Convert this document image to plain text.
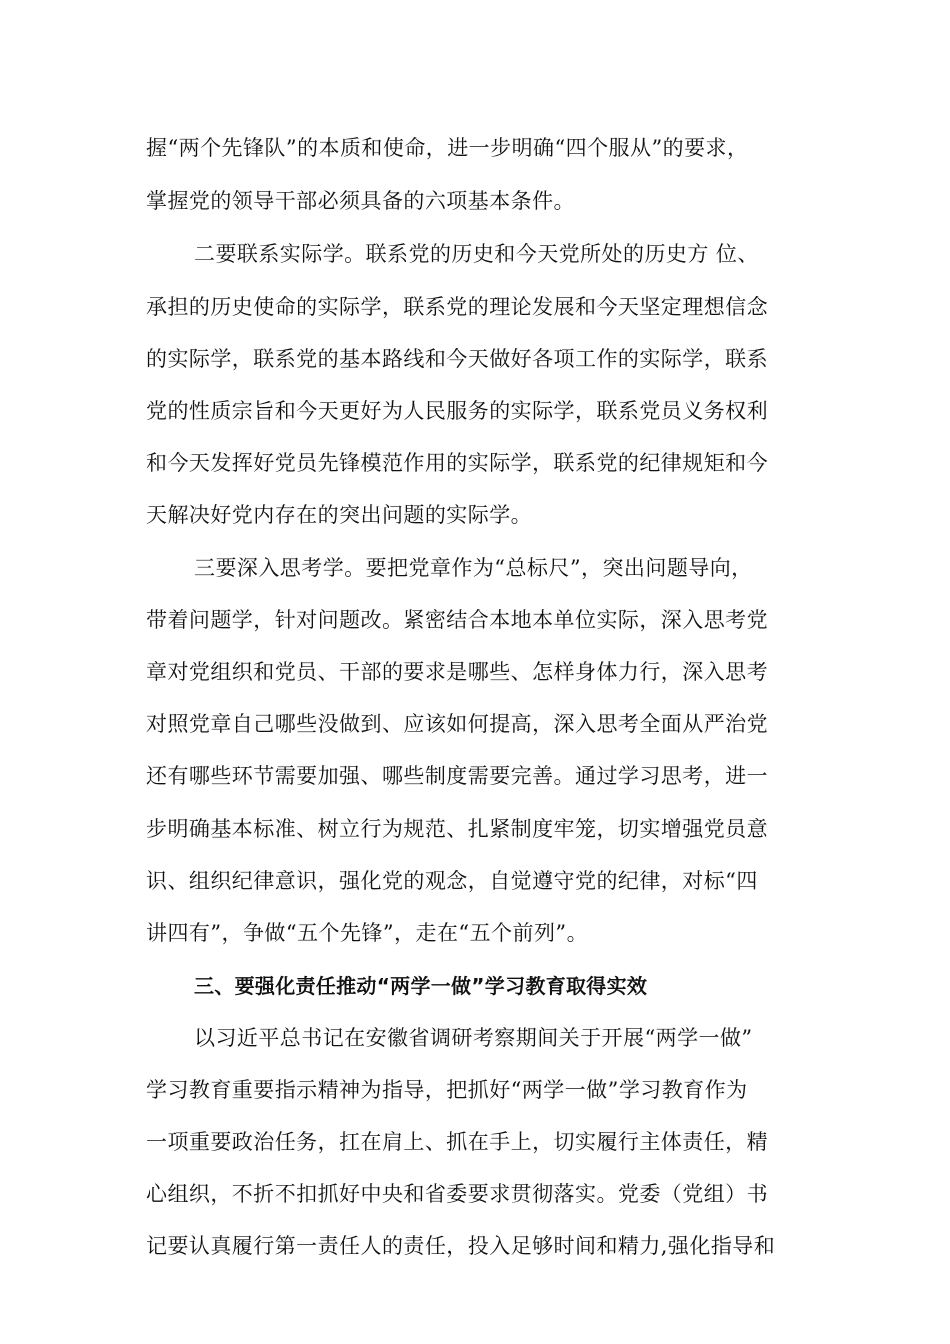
握“两个先锋队”的本质和使命，进一步明确“四个服从”的要求，
掌握党的领导干部必须具备的六项基本条件。
二要联系实际学。联系党的历史和今天党所处的历史方 位、
承担的历史使命的实际学，联系党的理论发展和今天坚定理想信念
的实际学，联系党的基本路线和今天做好各项工作的实际学，联系
党的性质宗旨和今天更好为人民服务的实际学，联系党员义务权利
和今天发挥好党员先锋模范作用的实际学，联系党的纪律规矩和今
天解决好党内存在的突出问题的实际学。
三要深入思考学。要把党章作为“总标尺”，突出问题导向，
带着问题学，针对问题改。紧密结合本地本单位实际，深入思考党
章对党组织和党员、干部的要求是哪些、怎样身体力行，深入思考
对照党章自己哪些没做到、应该如何提高，深入思考全面从严治党
还有哪些环节需要加强、哪些制度需要完善。通过学习思考，进一
步明确基本标准、树立行为规范、扎紧制度牢笼，切实增强党员意
识、组织纪律意识，强化党的观念，自觉遵守党的纪律，对标“四
讲四有”，争做“五个先锋”，走在“五个前列”。
三、要强化责任推动“两学一做”学习教育取得实效
以习近平总书记在安徽省调研考察期间关于开展“两学一做”
学习教育重要指示精神为指导，把抓好“两学一做”学习教育作为
一项重要政治任务，扛在肩上、抓在手上，切实履行主体责任，精
心组织，不折不扣抓好中央和省委要求贯彻落实。党委（党组）书
记要认真履行第一责任人的责任，投入足够时间和精力,强化指导和
